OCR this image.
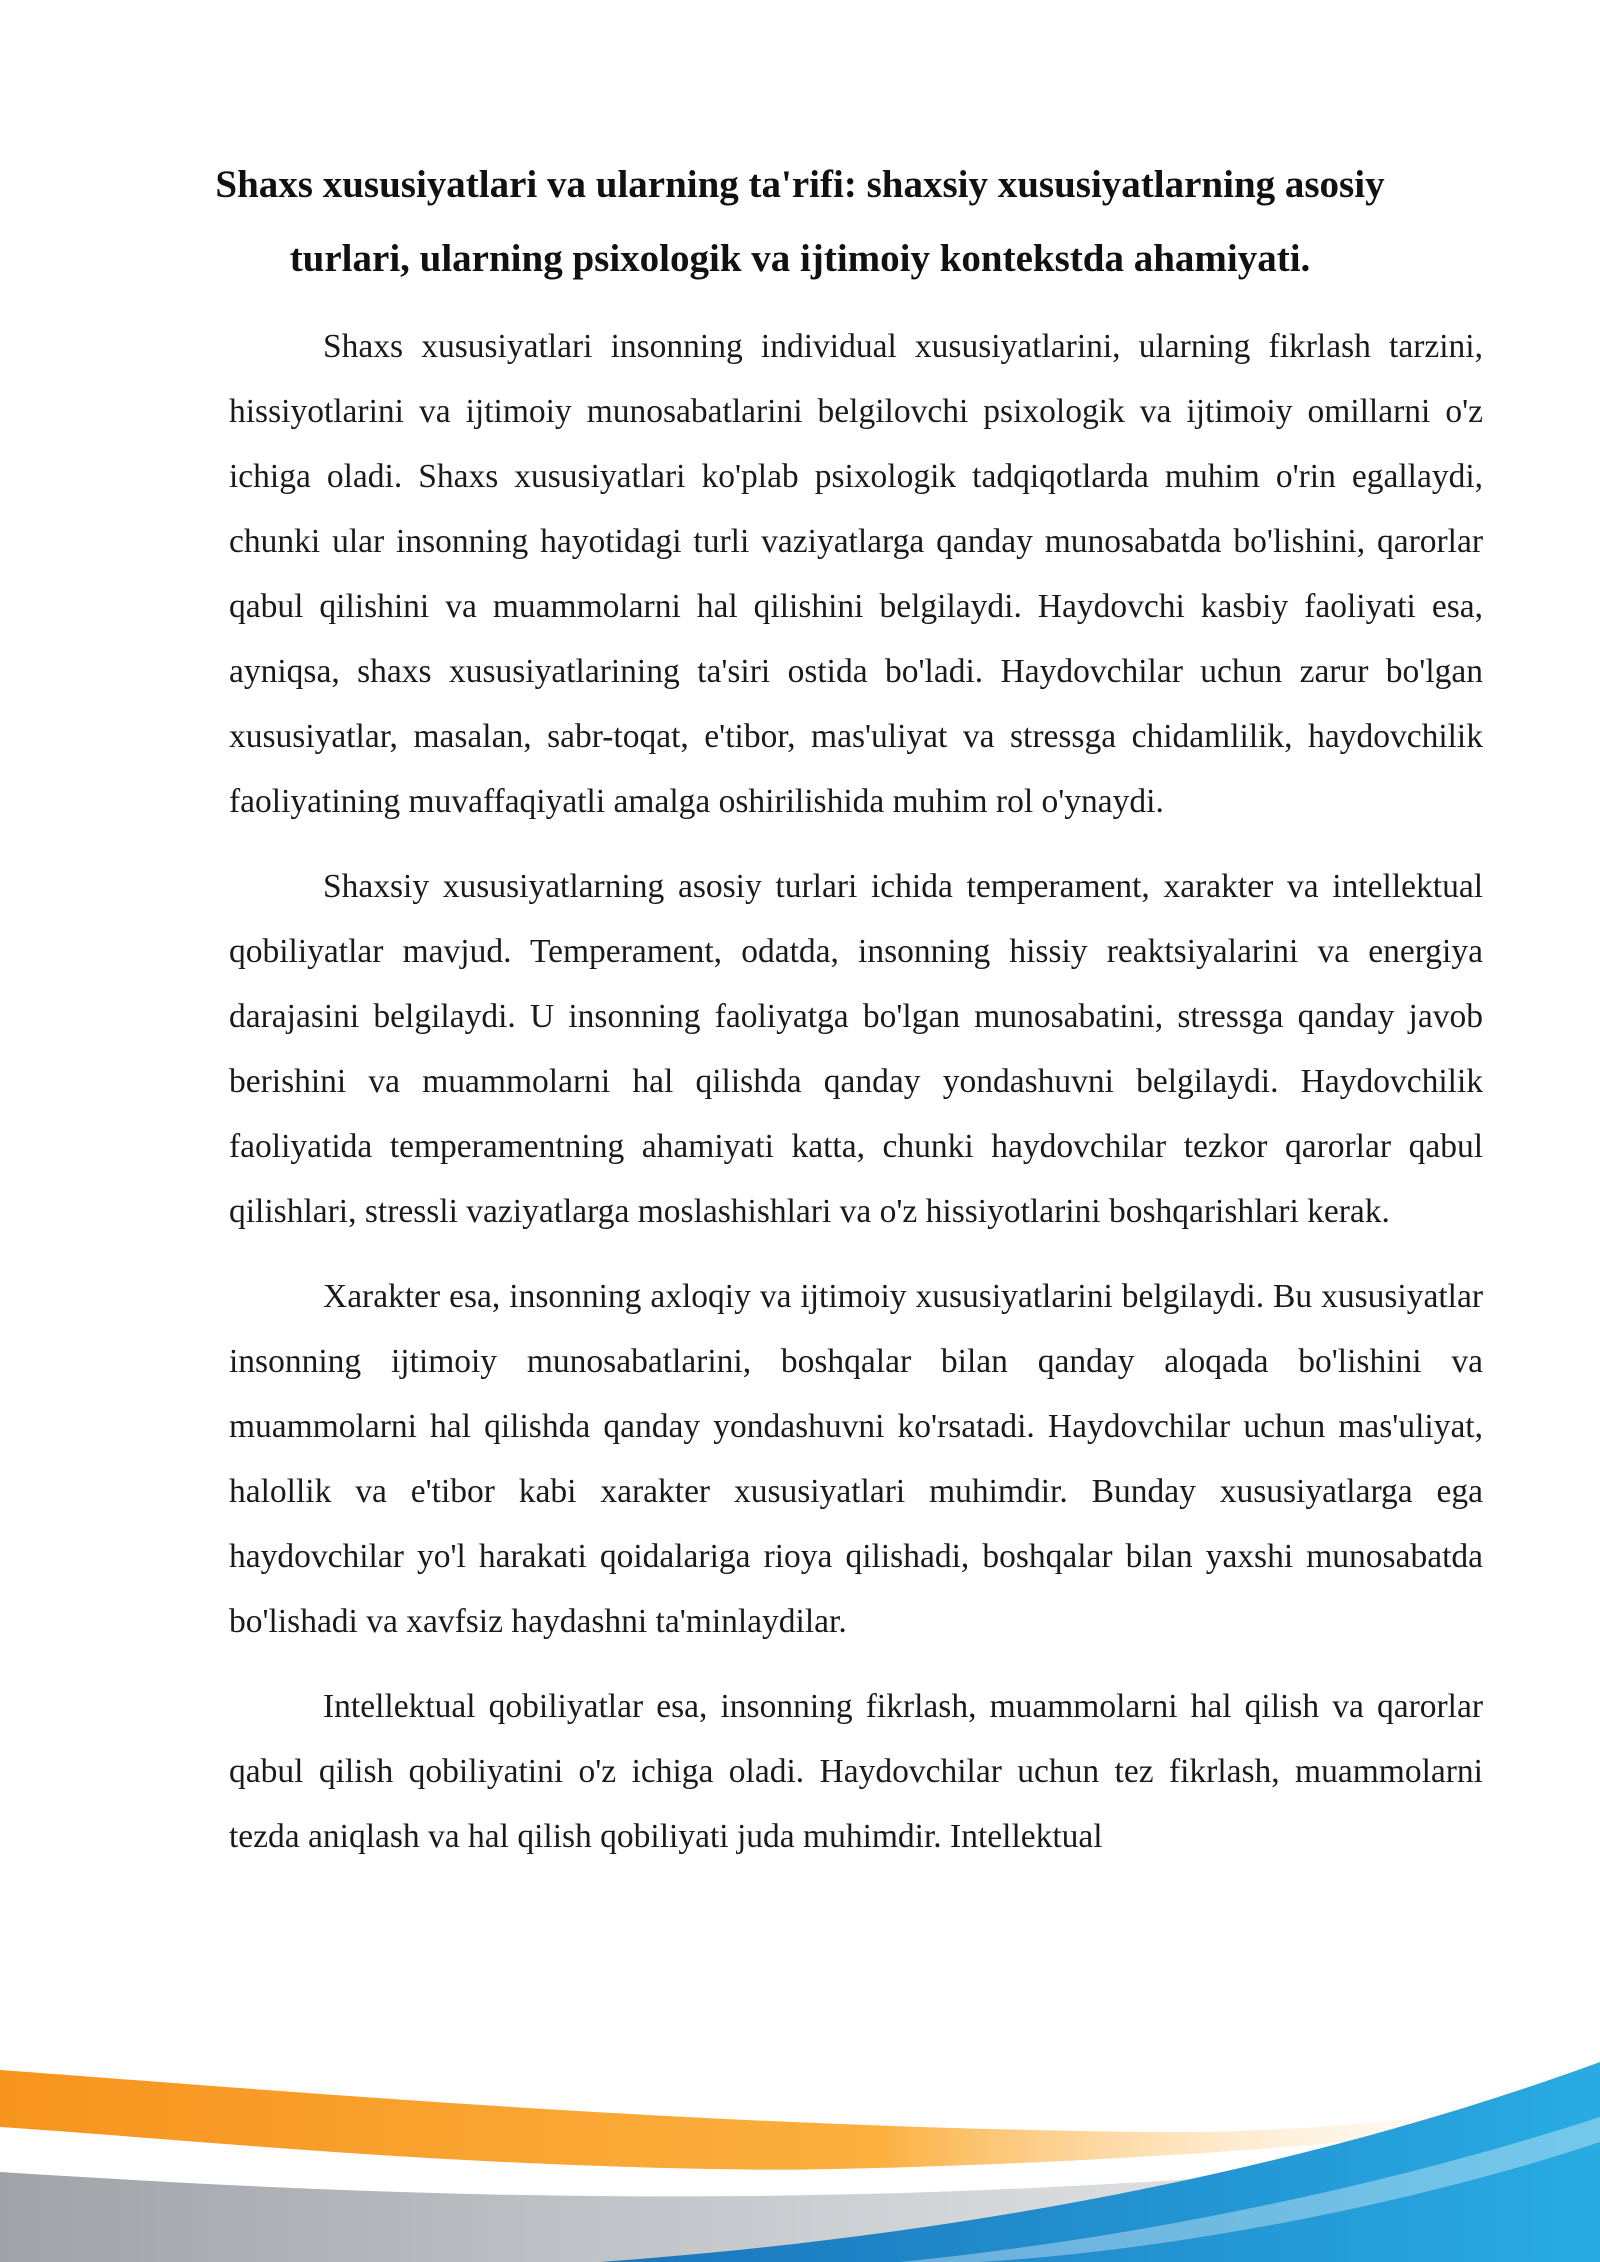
Shaxs xususiyatlari va ularning ta'rifi: shaxsiy xususiyatlarning asosiy turlari, ularning psixologik va ijtimoiy kontekstda ahamiyati.

Shaxs xususiyatlari insonning individual xususiyatlarini, ularning fikrlash tarzini, hissiyotlarini va ijtimoiy munosabatlarini belgilovchi psixologik va ijtimoiy omillarni o'z ichiga oladi. Shaxs xususiyatlari ko'plab psixologik tadqiqotlarda muhim o'rin egallaydi, chunki ular insonning hayotidagi turli vaziyatlarga qanday munosabatda bo'lishini, qarorlar qabul qilishini va muammolarni hal qilishini belgilaydi. Haydovchi kasbiy faoliyati esa, ayniqsa, shaxs xususiyatlarining ta'siri ostida bo'ladi. Haydovchilar uchun zarur bo'lgan xususiyatlar, masalan, sabr-toqat, e'tibor, mas'uliyat va stressga chidamlilik, haydovchilik faoliyatining muvaffaqiyatli amalga oshirilishida muhim rol o'ynaydi.

Shaxsiy xususiyatlarning asosiy turlari ichida temperament, xarakter va intellektual qobiliyatlar mavjud. Temperament, odatda, insonning hissiy reaktsiyalarini va energiya darajasini belgilaydi. U insonning faoliyatga bo'lgan munosabatini, stressga qanday javob berishini va muammolarni hal qilishda qanday yondashuvni belgilaydi. Haydovchilik faoliyatida temperamentning ahamiyati katta, chunki haydovchilar tezkor qarorlar qabul qilishlari, stressli vaziyatlarga moslashishlari va o'z hissiyotlarini boshqarishlari kerak.

Xarakter esa, insonning axloqiy va ijtimoiy xususiyatlarini belgilaydi. Bu xususiyatlar insonning ijtimoiy munosabatlarini, boshqalar bilan qanday aloqada bo'lishini va muammolarni hal qilishda qanday yondashuvni ko'rsatadi. Haydovchilar uchun mas'uliyat, halollik va e'tibor kabi xarakter xususiyatlari muhimdir. Bunday xususiyatlarga ega haydovchilar yo'l harakati qoidalariga rioya qilishadi, boshqalar bilan yaxshi munosabatda bo'lishadi va xavfsiz haydashni ta'minlaydilar.

Intellektual qobiliyatlar esa, insonning fikrlash, muammolarni hal qilish va qarorlar qabul qilish qobiliyatini o'z ichiga oladi. Haydovchilar uchun tez fikrlash, muammolarni tezda aniqlash va hal qilish qobiliyati juda muhimdir. Intellektual
